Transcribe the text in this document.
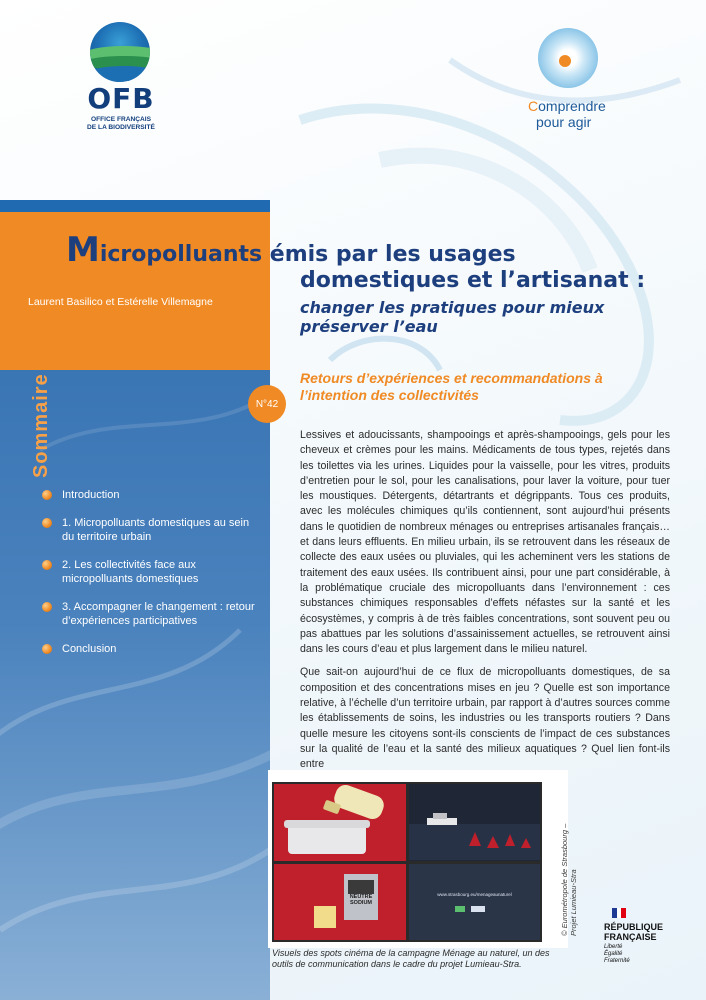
OFB
OFFICE FRANÇAIS
DE LA BIODIVERSITÉ
Comprendre
pour agir
Laurent Basilico et Estérelle Villemagne
Sommaire
Introduction
1. Micropolluants domestiques au sein du territoire urbain
2. Les collectivités face aux micropolluants domestiques
3. Accompagner le changement : retour d’expériences participatives
Conclusion
Micropolluants émis par les usages
domestiques et l’artisanat :
changer les pratiques pour mieux préserver l’eau
N°42
Retours d’expériences et recommandations à l’intention des collectivités

Lessives et adoucissants, shampooings et après-shampooings, gels pour les cheveux et crèmes pour les mains. Médicaments de tous types, rejetés dans les toilettes via les urines. Liquides pour la vaisselle, pour les vitres, produits d’entretien pour le sol, pour les canalisations, pour laver la voiture, pour tuer les moustiques. Détergents, détartrants et dégrippants. Tous ces produits, avec les molécules chimiques qu’ils contiennent, sont aujourd’hui présents dans le quotidien de nombreux ménages ou entreprises artisanales français… et dans leurs effluents. En milieu urbain, ils se retrouvent dans les réseaux de collecte des eaux usées ou pluviales, qui les acheminent vers les stations de traitement des eaux usées. Ils contribuent ainsi, pour une part considérable, à la problématique cruciale des micropolluants dans l’environnement : ces substances chimiques responsables d’effets néfastes sur la santé et les écosystèmes, y compris à de très faibles concentrations, sont souvent peu ou pas abattues par les solutions d’assainissement actuelles, se retrouvent ainsi dans les cours d’eau et plus largement dans le milieu naturel.

Que sait-on aujourd’hui de ce flux de micropolluants domestiques, de sa composition et des concentrations mises en jeu ? Quelle est son importance relative, à l’échelle d’un territoire urbain, par rapport à d’autres sources comme les établissements de soins, les industries ou les transports routiers ? Dans quelle mesure les citoyens sont-ils conscients de l’impact de ces substances sur la qualité de l’eau et la santé des milieux aquatiques ? Quel lien font-ils entre

NEUTRE
SODIUM
www.strasbourg.eu/menageaunaturel	© Eurométropole de Strasbourg – Projet Lumieau-Stra
Visuels des spots cinéma de la campagne Ménage au naturel, un des outils de communication dans le cadre du projet Lumieau-Stra.
RÉPUBLIQUE
FRANÇAISE
Liberté
Égalité
Fraternité
